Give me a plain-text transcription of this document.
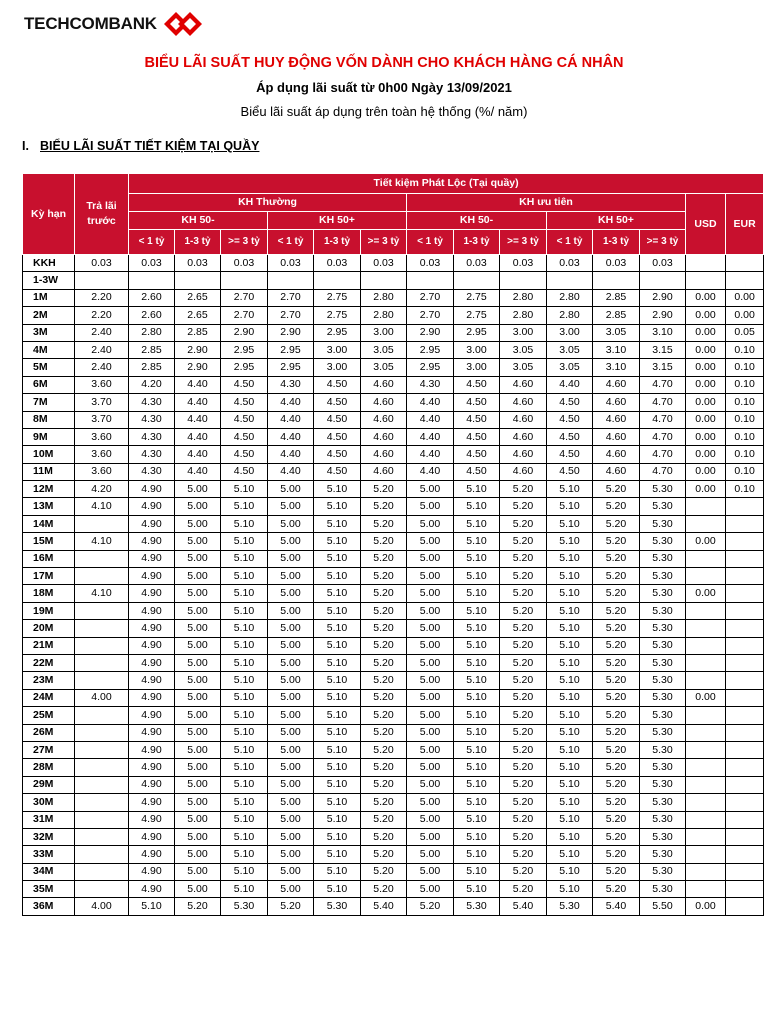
TECHCOMBANK
BIỂU LÃI SUẤT HUY ĐỘNG VỐN DÀNH CHO KHÁCH HÀNG CÁ NHÂN
Áp dụng lãi suất từ 0h00 Ngày 13/09/2021
Biểu lãi suất áp dụng trên toàn hệ thống (%/ năm)
I. BIỂU LÃI SUẤT TIẾT KIỆM TẠI QUẦY
Kỳ hạn	Trả lãi trước	Tiết kiệm Phát Lộc (Tại quầy)													
		KH Thường						KH ưu tiên						USD	EUR
		KH 50-			KH 50+			KH 50-			KH 50+				
		< 1 tỷ	1-3 tỷ	>= 3 tỷ	< 1 tỷ	1-3 tỷ	>= 3 tỷ	< 1 tỷ	1-3 tỷ	>= 3 tỷ	< 1 tỷ	1-3 tỷ	>= 3 tỷ		
KKH	0.03	0.03	0.03	0.03	0.03	0.03	0.03	0.03	0.03	0.03	0.03	0.03	0.03		
1-3W															
1M	2.20	2.60	2.65	2.70	2.70	2.75	2.80	2.70	2.75	2.80	2.80	2.85	2.90	0.00	0.00
2M	2.20	2.60	2.65	2.70	2.70	2.75	2.80	2.70	2.75	2.80	2.80	2.85	2.90	0.00	0.00
3M	2.40	2.80	2.85	2.90	2.90	2.95	3.00	2.90	2.95	3.00	3.00	3.05	3.10	0.00	0.05
4M	2.40	2.85	2.90	2.95	2.95	3.00	3.05	2.95	3.00	3.05	3.05	3.10	3.15	0.00	0.10
5M	2.40	2.85	2.90	2.95	2.95	3.00	3.05	2.95	3.00	3.05	3.05	3.10	3.15	0.00	0.10
6M	3.60	4.20	4.40	4.50	4.30	4.50	4.60	4.30	4.50	4.60	4.40	4.60	4.70	0.00	0.10
7M	3.70	4.30	4.40	4.50	4.40	4.50	4.60	4.40	4.50	4.60	4.50	4.60	4.70	0.00	0.10
8M	3.70	4.30	4.40	4.50	4.40	4.50	4.60	4.40	4.50	4.60	4.50	4.60	4.70	0.00	0.10
9M	3.60	4.30	4.40	4.50	4.40	4.50	4.60	4.40	4.50	4.60	4.50	4.60	4.70	0.00	0.10
10M	3.60	4.30	4.40	4.50	4.40	4.50	4.60	4.40	4.50	4.60	4.50	4.60	4.70	0.00	0.10
11M	3.60	4.30	4.40	4.50	4.40	4.50	4.60	4.40	4.50	4.60	4.50	4.60	4.70	0.00	0.10
12M	4.20	4.90	5.00	5.10	5.00	5.10	5.20	5.00	5.10	5.20	5.10	5.20	5.30	0.00	0.10
13M	4.10	4.90	5.00	5.10	5.00	5.10	5.20	5.00	5.10	5.20	5.10	5.20	5.30		
14M		4.90	5.00	5.10	5.00	5.10	5.20	5.00	5.10	5.20	5.10	5.20	5.30		
15M	4.10	4.90	5.00	5.10	5.00	5.10	5.20	5.00	5.10	5.20	5.10	5.20	5.30	0.00	
16M		4.90	5.00	5.10	5.00	5.10	5.20	5.00	5.10	5.20	5.10	5.20	5.30		
17M		4.90	5.00	5.10	5.00	5.10	5.20	5.00	5.10	5.20	5.10	5.20	5.30		
18M	4.10	4.90	5.00	5.10	5.00	5.10	5.20	5.00	5.10	5.20	5.10	5.20	5.30	0.00	
19M		4.90	5.00	5.10	5.00	5.10	5.20	5.00	5.10	5.20	5.10	5.20	5.30		
20M		4.90	5.00	5.10	5.00	5.10	5.20	5.00	5.10	5.20	5.10	5.20	5.30		
21M		4.90	5.00	5.10	5.00	5.10	5.20	5.00	5.10	5.20	5.10	5.20	5.30		
22M		4.90	5.00	5.10	5.00	5.10	5.20	5.00	5.10	5.20	5.10	5.20	5.30		
23M		4.90	5.00	5.10	5.00	5.10	5.20	5.00	5.10	5.20	5.10	5.20	5.30		
24M	4.00	4.90	5.00	5.10	5.00	5.10	5.20	5.00	5.10	5.20	5.10	5.20	5.30	0.00	
25M		4.90	5.00	5.10	5.00	5.10	5.20	5.00	5.10	5.20	5.10	5.20	5.30		
26M		4.90	5.00	5.10	5.00	5.10	5.20	5.00	5.10	5.20	5.10	5.20	5.30		
27M		4.90	5.00	5.10	5.00	5.10	5.20	5.00	5.10	5.20	5.10	5.20	5.30		
28M		4.90	5.00	5.10	5.00	5.10	5.20	5.00	5.10	5.20	5.10	5.20	5.30		
29M		4.90	5.00	5.10	5.00	5.10	5.20	5.00	5.10	5.20	5.10	5.20	5.30		
30M		4.90	5.00	5.10	5.00	5.10	5.20	5.00	5.10	5.20	5.10	5.20	5.30		
31M		4.90	5.00	5.10	5.00	5.10	5.20	5.00	5.10	5.20	5.10	5.20	5.30		
32M		4.90	5.00	5.10	5.00	5.10	5.20	5.00	5.10	5.20	5.10	5.20	5.30		
33M		4.90	5.00	5.10	5.00	5.10	5.20	5.00	5.10	5.20	5.10	5.20	5.30		
34M		4.90	5.00	5.10	5.00	5.10	5.20	5.00	5.10	5.20	5.10	5.20	5.30		
35M		4.90	5.00	5.10	5.00	5.10	5.20	5.00	5.10	5.20	5.10	5.20	5.30		
36M	4.00	5.10	5.20	5.30	5.20	5.30	5.40	5.20	5.30	5.40	5.30	5.40	5.50	0.00	
